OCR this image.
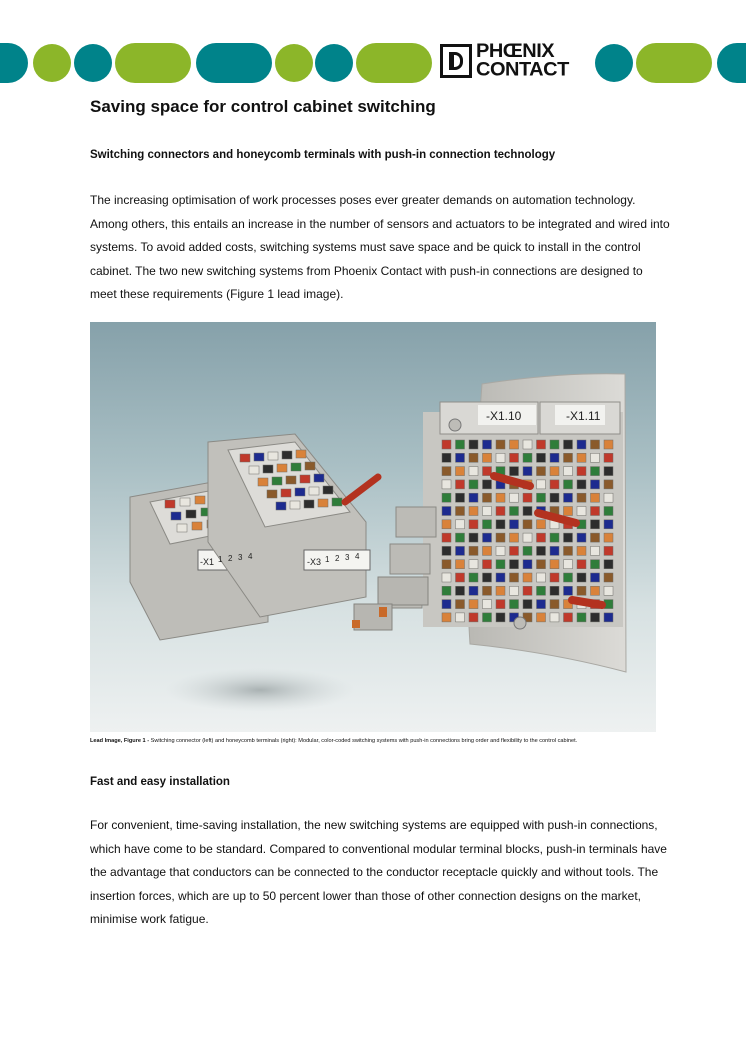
PHŒNIX
CONTACT
Saving space for control cabinet switching
Switching connectors and honeycomb terminals with push-in connection technology

The increasing optimisation of work processes poses ever greater demands on automation technology. Among others, this entails an increase in the number of sensors and actuators to be integrated and wired into systems. To avoid added costs, switching systems must save space and be quick to install in the control cabinet. The two new switching systems from Phoenix Contact with push-in connections are designed to meet these requirements (Figure 1 lead image).

-X1	-X3
1 2 3 4	1 2 3 4
-X1.10	-X1.11
Lead Image, Figure 1 - Switching connector (left) and honeycomb terminals (right): Modular, color-coded switching systems with push-in connections bring order and flexibility to the control cabinet.
Fast and easy installation

For convenient, time-saving installation, the new switching systems are equipped with push-in connections, which have come to be standard. Compared to conventional modular terminal blocks, push-in terminals have the advantage that conductors can be connected to the conductor receptacle quickly and without tools. The insertion forces, which are up to 50 percent lower than those of other connection designs on the market, minimise work fatigue.
